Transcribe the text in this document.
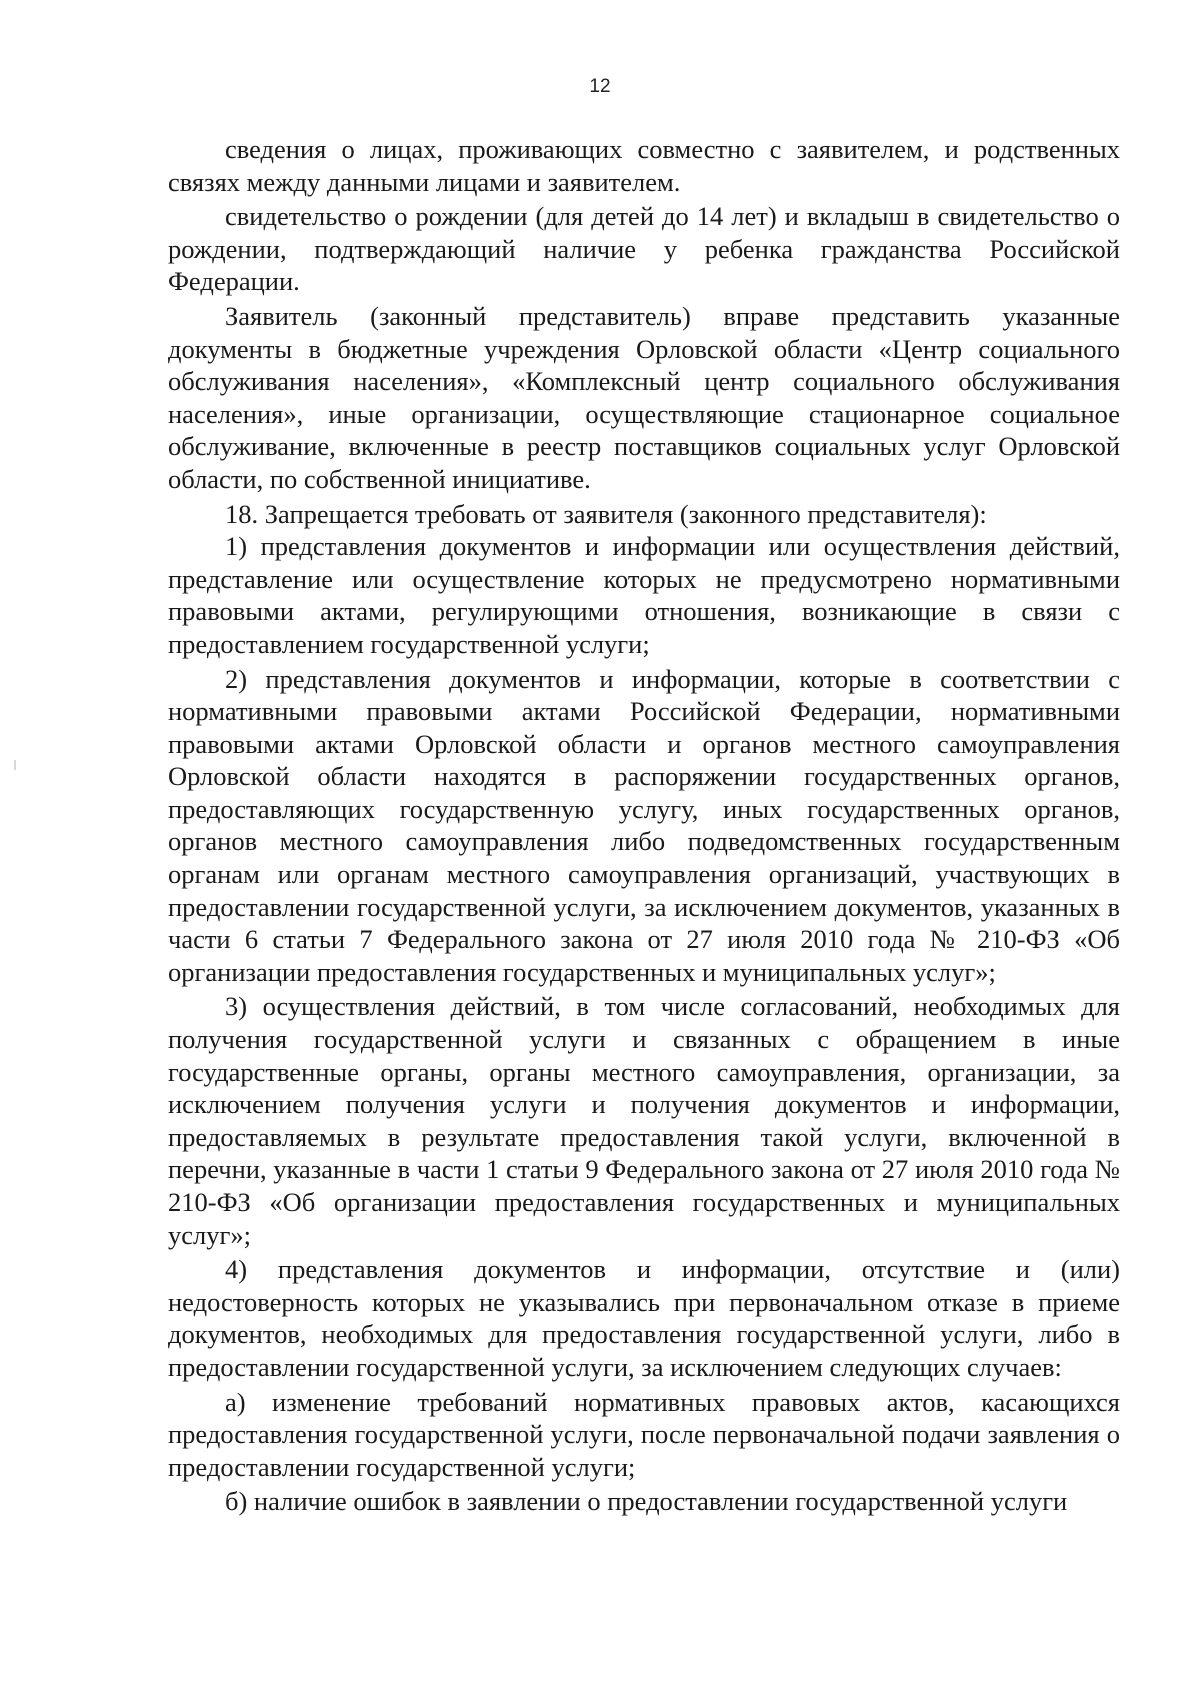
12

сведения о лицах, проживающих совместно с заявителем, и родственных связях между данными лицами и заявителем.

свидетельство о рождении (для детей до 14 лет) и вкладыш в свидетельство о рождении, подтверждающий наличие у ребенка гражданства Российской Федерации.

Заявитель (законный представитель) вправе представить указанные документы в бюджетные учреждения Орловской области «Центр социального обслуживания населения», «Комплексный центр социального обслуживания населения», иные организации, осуществляющие стационарное социальное обслуживание, включенные в реестр поставщиков социальных услуг Орловской области, по собственной инициативе.

18. Запрещается требовать от заявителя (законного представителя):

1) представления документов и информации или осуществления действий, представление или осуществление которых не предусмотрено нормативными правовыми актами, регулирующими отношения, возникающие в связи с предоставлением государственной услуги;

2) представления документов и информации, которые в соответствии с нормативными правовыми актами Российской Федерации, нормативными правовыми актами Орловской области и органов местного самоуправления Орловской области находятся в распоряжении государственных органов, предоставляющих государственную услугу, иных государственных органов, органов местного самоуправления либо подведомственных государственным органам или органам местного самоуправления организаций, участвующих в предоставлении государственной услуги, за исключением документов, указанных в части 6 статьи 7 Федерального закона от 27 июля 2010 года № 210-ФЗ «Об организации предоставления государственных и муниципальных услуг»;

3) осуществления действий, в том числе согласований, необходимых для получения государственной услуги и связанных с обращением в иные государственные органы, органы местного самоуправления, организации, за исключением получения услуги и получения документов и информации, предоставляемых в результате предоставления такой услуги, включенной в перечни, указанные в части 1 статьи 9 Федерального закона от 27 июля 2010 года № 210-ФЗ «Об организации предоставления государственных и муниципальных услуг»;

4) представления документов и информации, отсутствие и (или) недостоверность которых не указывались при первоначальном отказе в приеме документов, необходимых для предоставления государственной услуги, либо в предоставлении государственной услуги, за исключением следующих случаев:

а) изменение требований нормативных правовых актов, касающихся предоставления государственной услуги, после первоначальной подачи заявления о предоставлении государственной услуги;

б) наличие ошибок в заявлении о предоставлении государственной услуги
